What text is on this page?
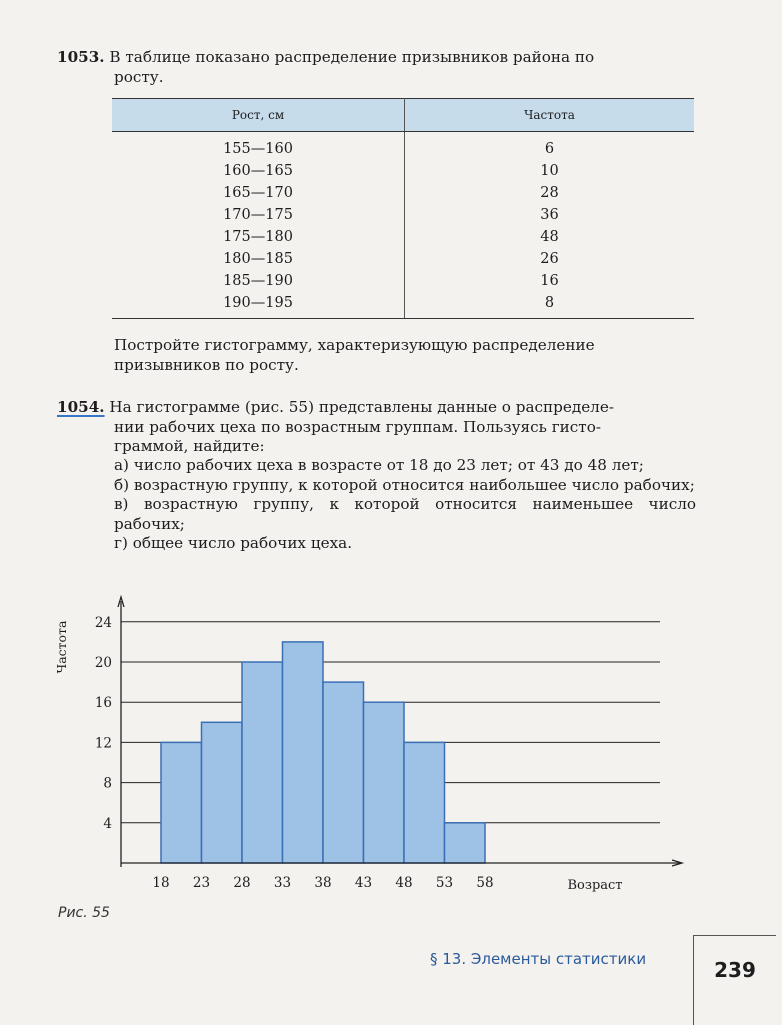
1053. В таблице показано распределение призывников района по
росту.

Рост, см	Частота
155—160	6
160—165	10
165—170	28
170—175	36
175—180	48
180—185	26
185—190	16
190—195	8

Постройте гистограмму, характеризующую распределение
призывников по росту.

1054. На гистограмме (рис. 55) представлены данные о распределе-
нии рабочих цеха по возрастным группам. Пользуясь гисто-
граммой, найдите:

а) число рабочих цеха в возрасте от 18 до 23 лет; от 43 до 48 лет;
б) возрастную группу, к которой относится наибольшее число рабочих;
в) возрастную группу, к которой относится наименьшее число рабочих;
г) общее число рабочих цеха.
4
8
12
16
20
24
18 23 28 33 38 43 48 53 58	Возраст
Частота
Рис. 55
§ 13. Элементы статистики	239
